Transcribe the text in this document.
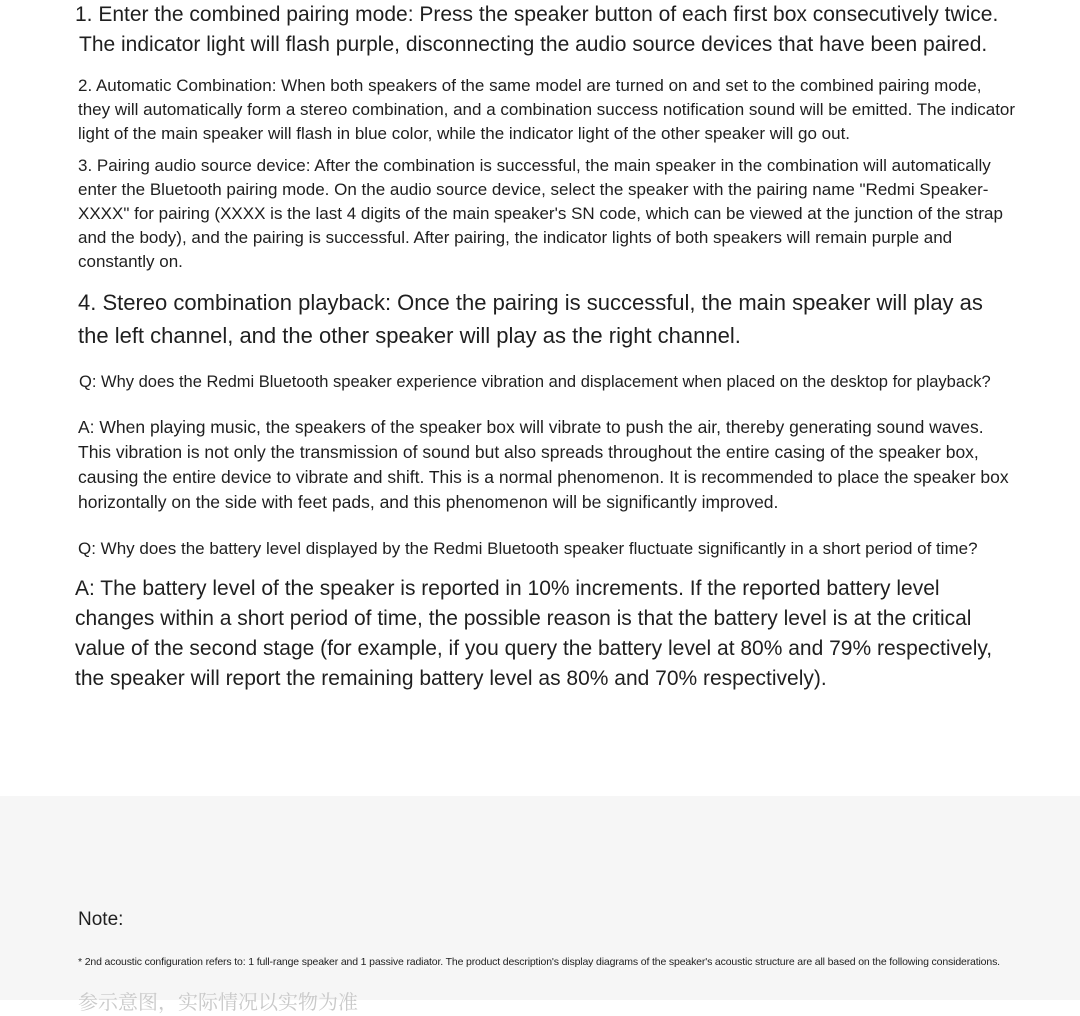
1. Enter the combined pairing mode: Press the speaker button of each first box consecutively twice.
The indicator light will flash purple, disconnecting the audio source devices that have been paired.

2. Automatic Combination: When both speakers of the same model are turned on and set to the combined pairing mode, they will automatically form a stereo combination, and a combination success notification sound will be emitted. The indicator light of the main speaker will flash in blue color, while the indicator light of the other speaker will go out.

3. Pairing audio source device: After the combination is successful, the main speaker in the combination will automatically enter the Bluetooth pairing mode. On the audio source device, select the speaker with the pairing name "Redmi Speaker-XXXX" for pairing (XXXX is the last 4 digits of the main speaker's SN code, which can be viewed at the junction of the strap and the body), and the pairing is successful. After pairing, the indicator lights of both speakers will remain purple and constantly on.

4. Stereo combination playback: Once the pairing is successful, the main speaker will play as the left channel, and the other speaker will play as the right channel.

Q: Why does the Redmi Bluetooth speaker experience vibration and displacement when placed on the desktop for playback?

A: When playing music, the speakers of the speaker box will vibrate to push the air, thereby generating sound waves. This vibration is not only the transmission of sound but also spreads throughout the entire casing of the speaker box, causing the entire device to vibrate and shift. This is a normal phenomenon. It is recommended to place the speaker box horizontally on the side with feet pads, and this phenomenon will be significantly improved.

Q: Why does the battery level displayed by the Redmi Bluetooth speaker fluctuate significantly in a short period of time?

A: The battery level of the speaker is reported in 10% increments. If the reported battery level changes within a short period of time, the possible reason is that the battery level is at the critical value of the second stage (for example, if you query the battery level at 80% and 79% respectively, the speaker will report the remaining battery level as 80% and 70% respectively).

Note:

* 2nd acoustic configuration refers to: 1 full-range speaker and 1 passive radiator. The product description's display diagrams of the speaker's acoustic structure are all based on the following considerations.

参示意图，实际情况以实物为准
